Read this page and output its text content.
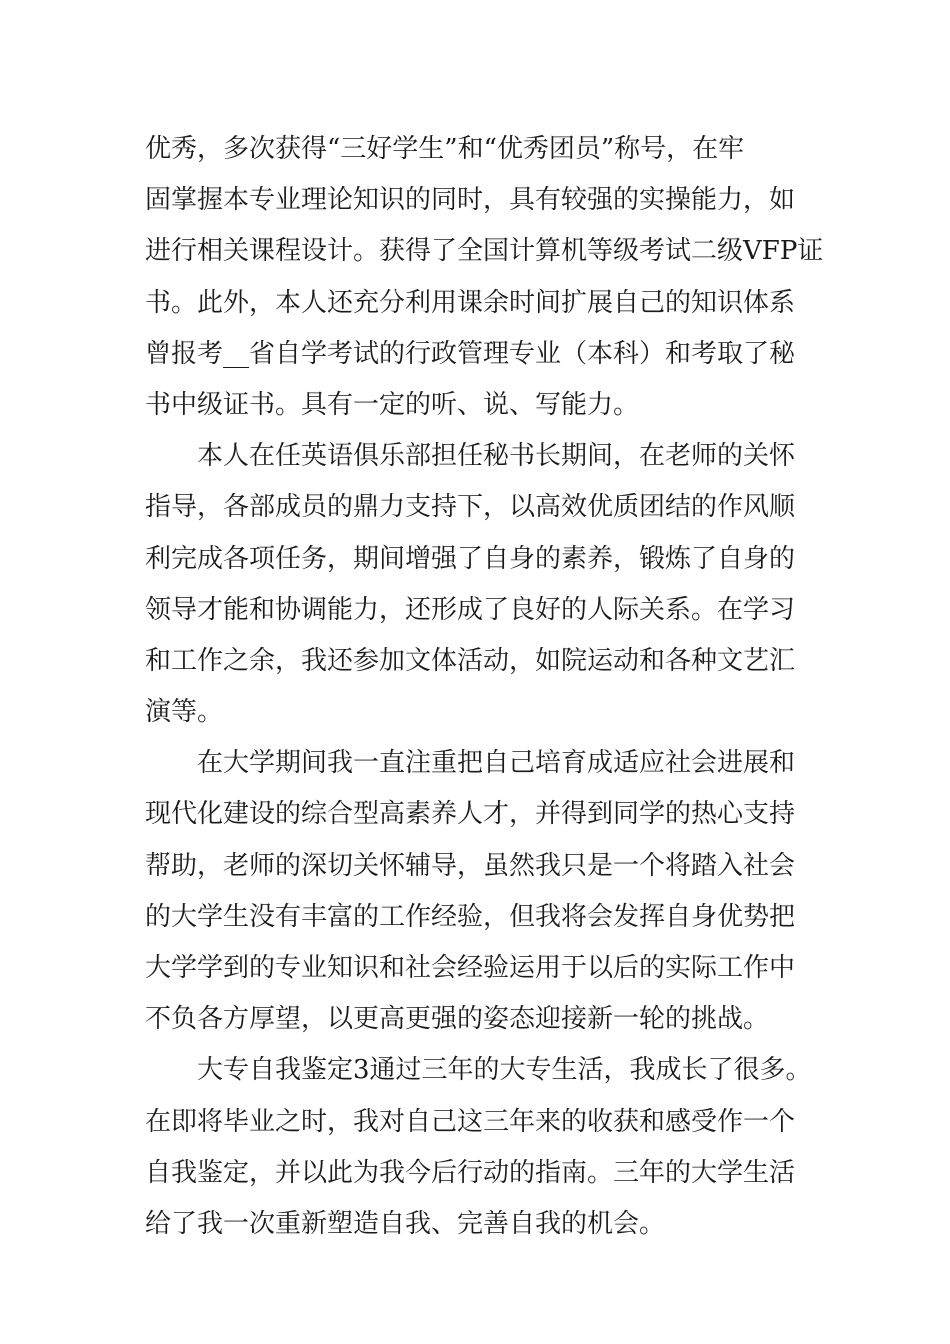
优秀，多次获得“三好学生”和“优秀团员”称号，在牢
固掌握本专业理论知识的同时，具有较强的实操能力，如
进行相关课程设计。获得了全国计算机等级考试二级VFP证
书。此外，本人还充分利用课余时间扩展自己的知识体系
曾报考__省自学考试的行政管理专业（本科）和考取了秘
书中级证书。具有一定的听、说、写能力。
本人在任英语俱乐部担任秘书长期间，在老师的关怀
指导，各部成员的鼎力支持下，以高效优质团结的作风顺
利完成各项任务，期间增强了自身的素养，锻炼了自身的
领导才能和协调能力，还形成了良好的人际关系。在学习
和工作之余，我还参加文体活动，如院运动和各种文艺汇
演等。
在大学期间我一直注重把自己培育成适应社会进展和
现代化建设的综合型高素养人才，并得到同学的热心支持
帮助，老师的深切关怀辅导，虽然我只是一个将踏入社会
的大学生没有丰富的工作经验，但我将会发挥自身优势把
大学学到的专业知识和社会经验运用于以后的实际工作中
不负各方厚望，以更高更强的姿态迎接新一轮的挑战。
大专自我鉴定3通过三年的大专生活，我成长了很多。
在即将毕业之时，我对自己这三年来的收获和感受作一个
自我鉴定，并以此为我今后行动的指南。三年的大学生活
给了我一次重新塑造自我、完善自我的机会。
